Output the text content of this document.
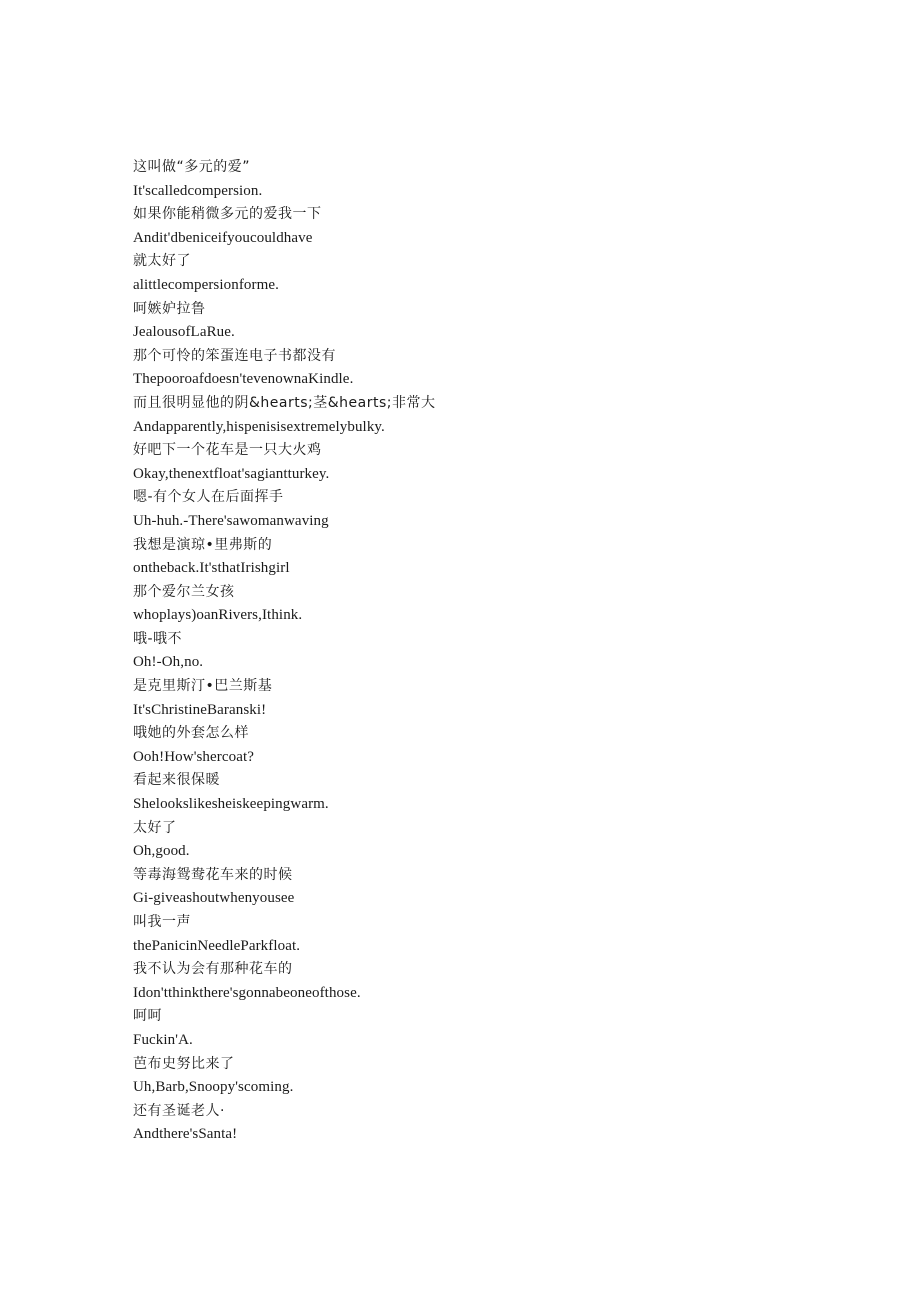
这叫做“多元的爱”
It'scalledcompersion.
如果你能稍微多元的爱我一下
Andit'dbeniceifyoucouldhave
就太好了
alittlecompersionforme.
呵嫉妒拉鲁
JealousofLaRue.
那个可怜的笨蛋连电子书都没有
Thepooroafdoesn'tevenownaKindle.
而且很明显他的阴&hearts;茎&hearts;非常大
Andapparently,hispenisisextremelybulky.
好吧下一个花车是一只大火鸡
Okay,thenextfloat'sagiantturkey.
嗯-有个女人在后面挥手
Uh-huh.-There'sawomanwaving
我想是演琼•里弗斯的
ontheback.It'sthatIrishgirl
那个爱尔兰女孩
whoplays)oanRivers,Ithink.
哦-哦不
Oh!-Oh,no.
是克里斯汀•巴兰斯基
It'sChristineBaranski!
哦她的外套怎么样
Ooh!How'shercoat?
看起来很保暖
Shelookslikesheiskeepingwarm.
太好了
Oh,good.
等毒海鸳鸯花车来的时候
Gi-giveashoutwhenyousee
叫我一声
thePanicinNeedleParkfloat.
我不认为会有那种花车的
Idon'tthinkthere'sgonnabeoneofthose.
呵呵
Fuckin'A.
芭布史努比来了
Uh,Barb,Snoopy'scoming.
还有圣诞老人·
Andthere'sSanta!
